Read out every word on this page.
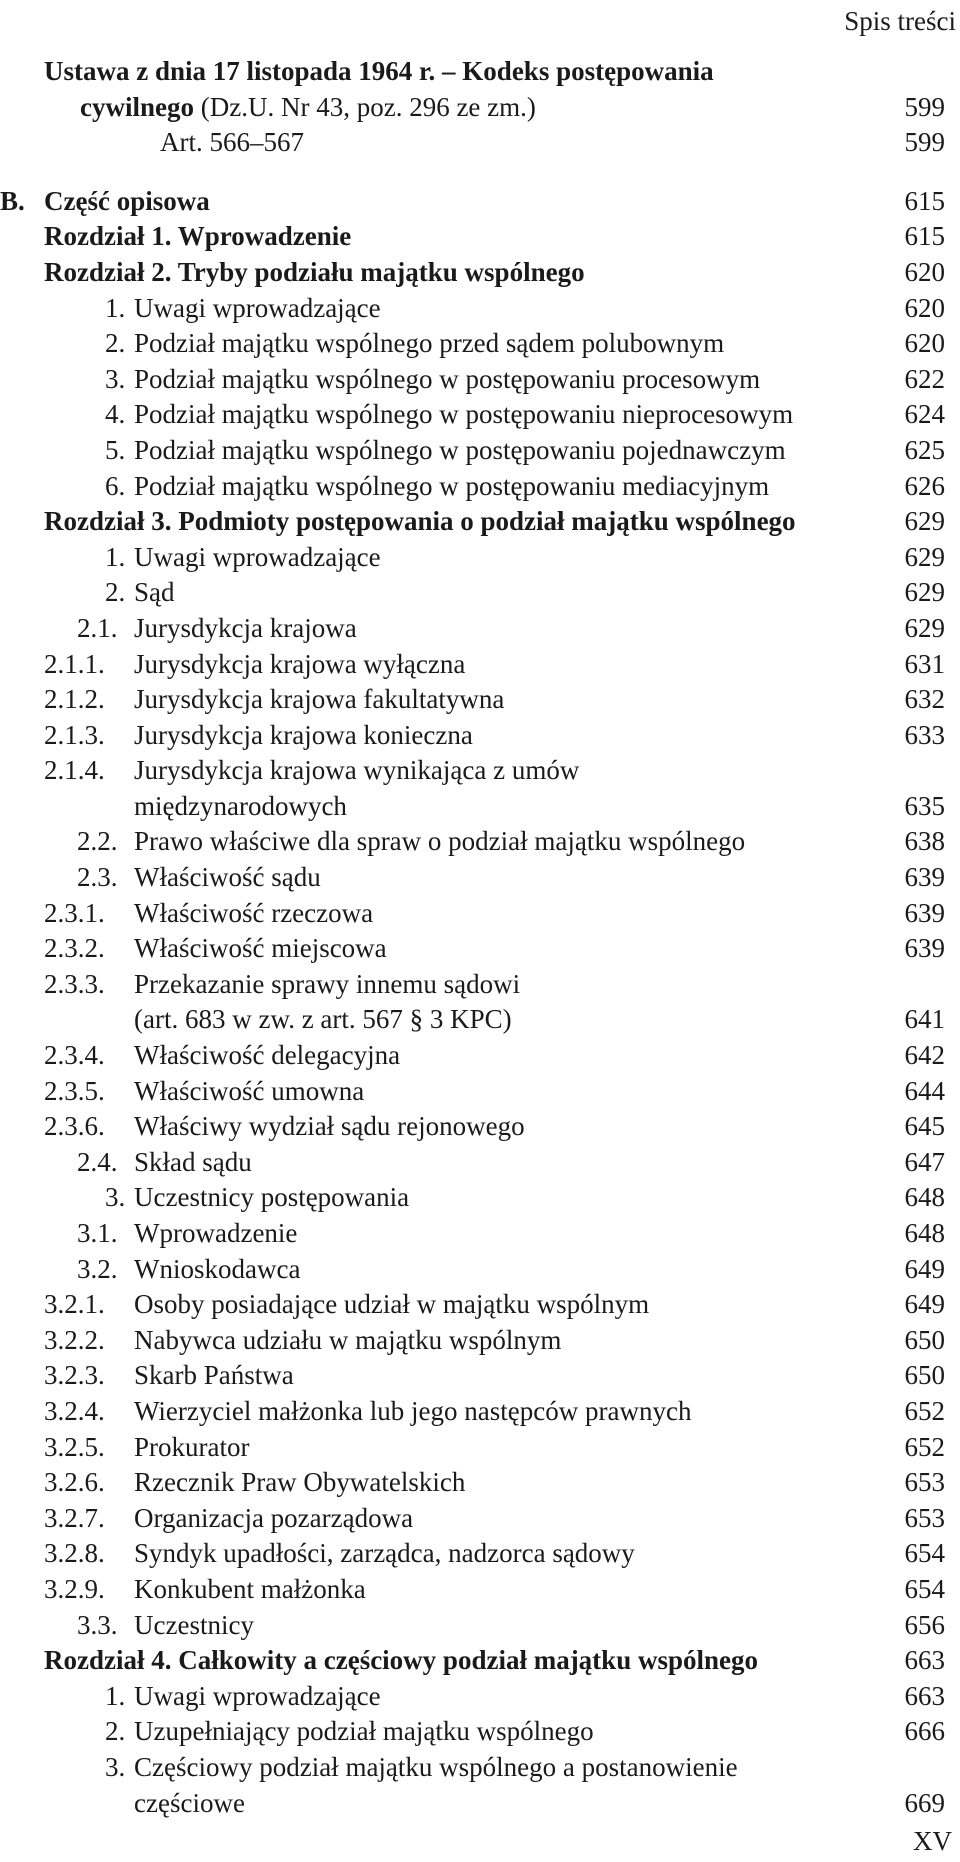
Spis treści
Ustawa z dnia 17 listopada 1964 r. – Kodeks postępowania
cywilnego (Dz.U. Nr 43, poz. 296 ze zm.)	599
Art. 566–567	599
B. Część opisowa	615
Rozdział 1. Wprowadzenie	615
Rozdział 2. Tryby podziału majątku wspólnego	620
1. Uwagi wprowadzające	620
2. Podział majątku wspólnego przed sądem polubownym	620
3. Podział majątku wspólnego w postępowaniu procesowym	622
4. Podział majątku wspólnego w postępowaniu nieprocesowym	624
5. Podział majątku wspólnego w postępowaniu pojednawczym	625
6. Podział majątku wspólnego w postępowaniu mediacyjnym	626
Rozdział 3. Podmioty postępowania o podział majątku wspólnego	629
1. Uwagi wprowadzające	629
2. Sąd	629
2.1. Jurysdykcja krajowa	629
2.1.1. Jurysdykcja krajowa wyłączna	631
2.1.2. Jurysdykcja krajowa fakultatywna	632
2.1.3. Jurysdykcja krajowa konieczna	633
2.1.4. Jurysdykcja krajowa wynikająca z umów
międzynarodowych	635
2.2. Prawo właściwe dla spraw o podział majątku wspólnego	638
2.3. Właściwość sądu	639
2.3.1. Właściwość rzeczowa	639
2.3.2. Właściwość miejscowa	639
2.3.3. Przekazanie sprawy innemu sądowi
(art. 683 w zw. z art. 567 § 3 KPC)	641
2.3.4. Właściwość delegacyjna	642
2.3.5. Właściwość umowna	644
2.3.6. Właściwy wydział sądu rejonowego	645
2.4. Skład sądu	647
3. Uczestnicy postępowania	648
3.1. Wprowadzenie	648
3.2. Wnioskodawca	649
3.2.1. Osoby posiadające udział w majątku wspólnym	649
3.2.2. Nabywca udziału w majątku wspólnym	650
3.2.3. Skarb Państwa	650
3.2.4. Wierzyciel małżonka lub jego następców prawnych	652
3.2.5. Prokurator	652
3.2.6. Rzecznik Praw Obywatelskich	653
3.2.7. Organizacja pozarządowa	653
3.2.8. Syndyk upadłości, zarządca, nadzorca sądowy	654
3.2.9. Konkubent małżonka	654
3.3. Uczestnicy	656
Rozdział 4. Całkowity a częściowy podział majątku wspólnego	663
1. Uwagi wprowadzające	663
2. Uzupełniający podział majątku wspólnego	666
3. Częściowy podział majątku wspólnego a postanowienie
częściowe	669
XV
